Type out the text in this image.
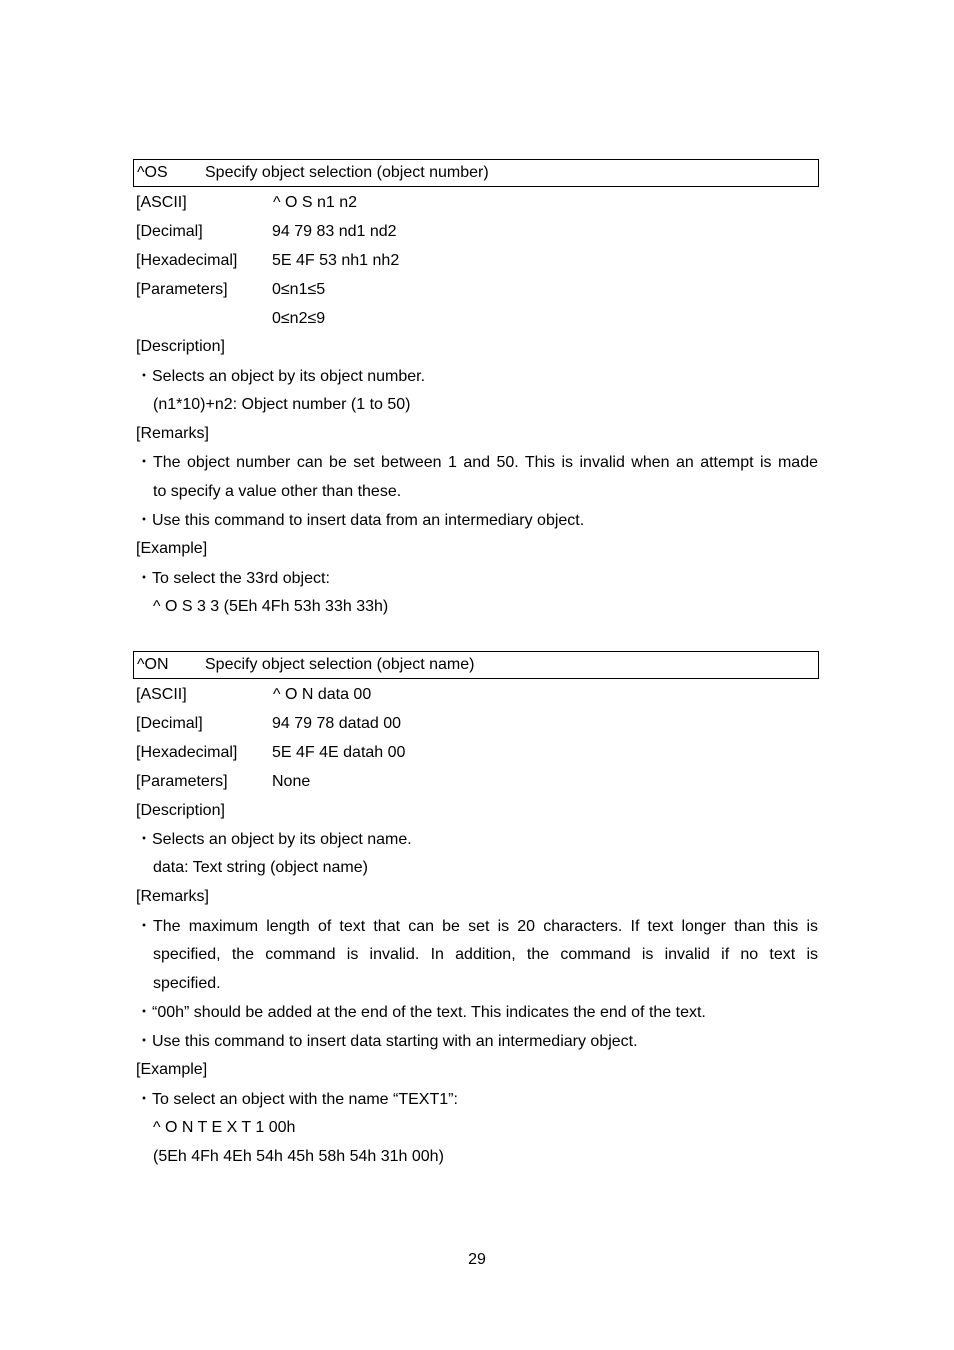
^OS Specify object selection (object number)
[ASCII]	^ O S n1 n2
[Decimal]	94 79 83 nd1 nd2
[Hexadecimal] 5E 4F 53 nh1 nh2
[Parameters]	0≤n1≤5
0≤n2≤9
[Description]
・Selects an object by its object number.
(n1*10)+n2: Object number (1 to 50)
[Remarks]
・ The object number can be set between 1 and 50. This is invalid when an attempt is made
to specify a value other than these.
・Use this command to insert data from an intermediary object.
[Example]
・To select the 33rd object:
^ O S 3 3 (5Eh 4Fh 53h 33h 33h)
^ON Specify object selection (object name)
[ASCII]	^ O N data 00
[Decimal]	94 79 78 datad 00
[Hexadecimal] 5E 4F 4E datah 00
[Parameters]	None
[Description]
・Selects an object by its object name.
data: Text string (object name)
[Remarks]
・ The maximum length of text that can be set is 20 characters. If text longer than this is
specified, the command is invalid. In addition, the command is invalid if no text is
specified.
・“00h” should be added at the end of the text. This indicates the end of the text.
・Use this command to insert data starting with an intermediary object.
[Example]
・To select an object with the name “TEXT1”:
^ O N T E X T 1 00h
(5Eh 4Fh 4Eh 54h 45h 58h 54h 31h 00h)
29
